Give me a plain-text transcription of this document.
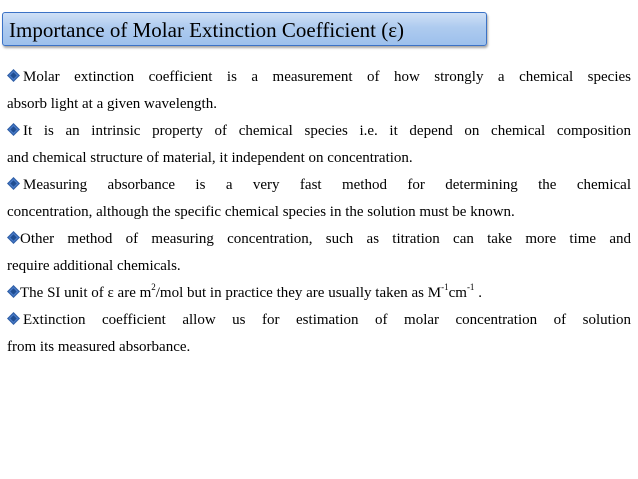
Importance of Molar Extinction Coefficient (ε)
Molar extinction coefficient is a measurement of how strongly a chemical species
absorb light at a given wavelength.
It is an intrinsic property of chemical species i.e. it depend on chemical composition
and chemical structure of material, it independent on concentration.
Measuring absorbance is a very fast method for determining the chemical
concentration, although the specific chemical species in the solution must be known.
Other method of measuring concentration, such as titration can take more time and
require additional chemicals.
The SI unit of ε are $m^2$/mol but in practice they are usually taken as $M^{-1}cm^{-1}$ .
Extinction coefficient allow us for estimation of molar concentration of solution
from its measured absorbance.
